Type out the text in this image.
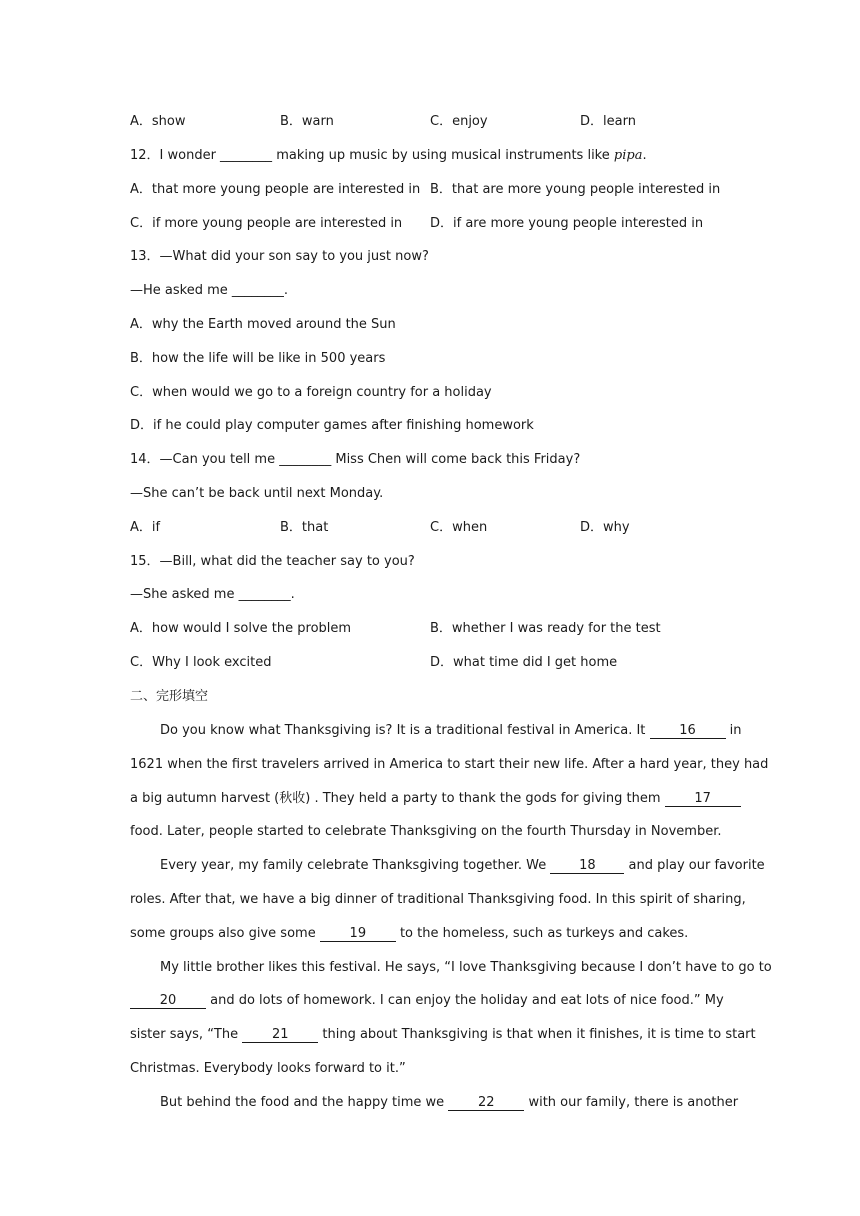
A．show	B．warn	C．enjoy	D．learn
12．I wonder ________ making up music by using musical instruments like pipa.
A．that more young people are interested in B．that are more young people interested in
C．if more young people are interested in D．if are more young people interested in
13．—What did your son say to you just now?
—He asked me ________.
A．why the Earth moved around the Sun
B．how the life will be like in 500 years
C．when would we go to a foreign country for a holiday
D．if he could play computer games after finishing homework
14．—Can you tell me ________ Miss Chen will come back this Friday?
—She can’t be back until next Monday.
A．if	B．that	C．when	D．why
15．—Bill, what did the teacher say to you?
—She asked me ________.
A．how would I solve the problem	B．whether I was ready for the test
C．Why I look excited	D．what time did I get home
二、完形填空
Do you know what Thanksgiving is? It is a traditional festival in America. It 16 in
1621 when the first travelers arrived in America to start their new life. After a hard year, they had
a big autumn harvest (秋收) . They held a party to thank the gods for giving them 17
food. Later, people started to celebrate Thanksgiving on the fourth Thursday in November.
Every year, my family celebrate Thanksgiving together. We 18 and play our favorite
roles. After that, we have a big dinner of traditional Thanksgiving food. In this spirit of sharing,
some groups also give some 19 to the homeless, such as turkeys and cakes.
My little brother likes this festival. He says, “I love Thanksgiving because I don’t have to go to
20 and do lots of homework. I can enjoy the holiday and eat lots of nice food.” My
sister says, “The 21 thing about Thanksgiving is that when it finishes, it is time to start
Christmas. Everybody looks forward to it.”
But behind the food and the happy time we 22 with our family, there is another
